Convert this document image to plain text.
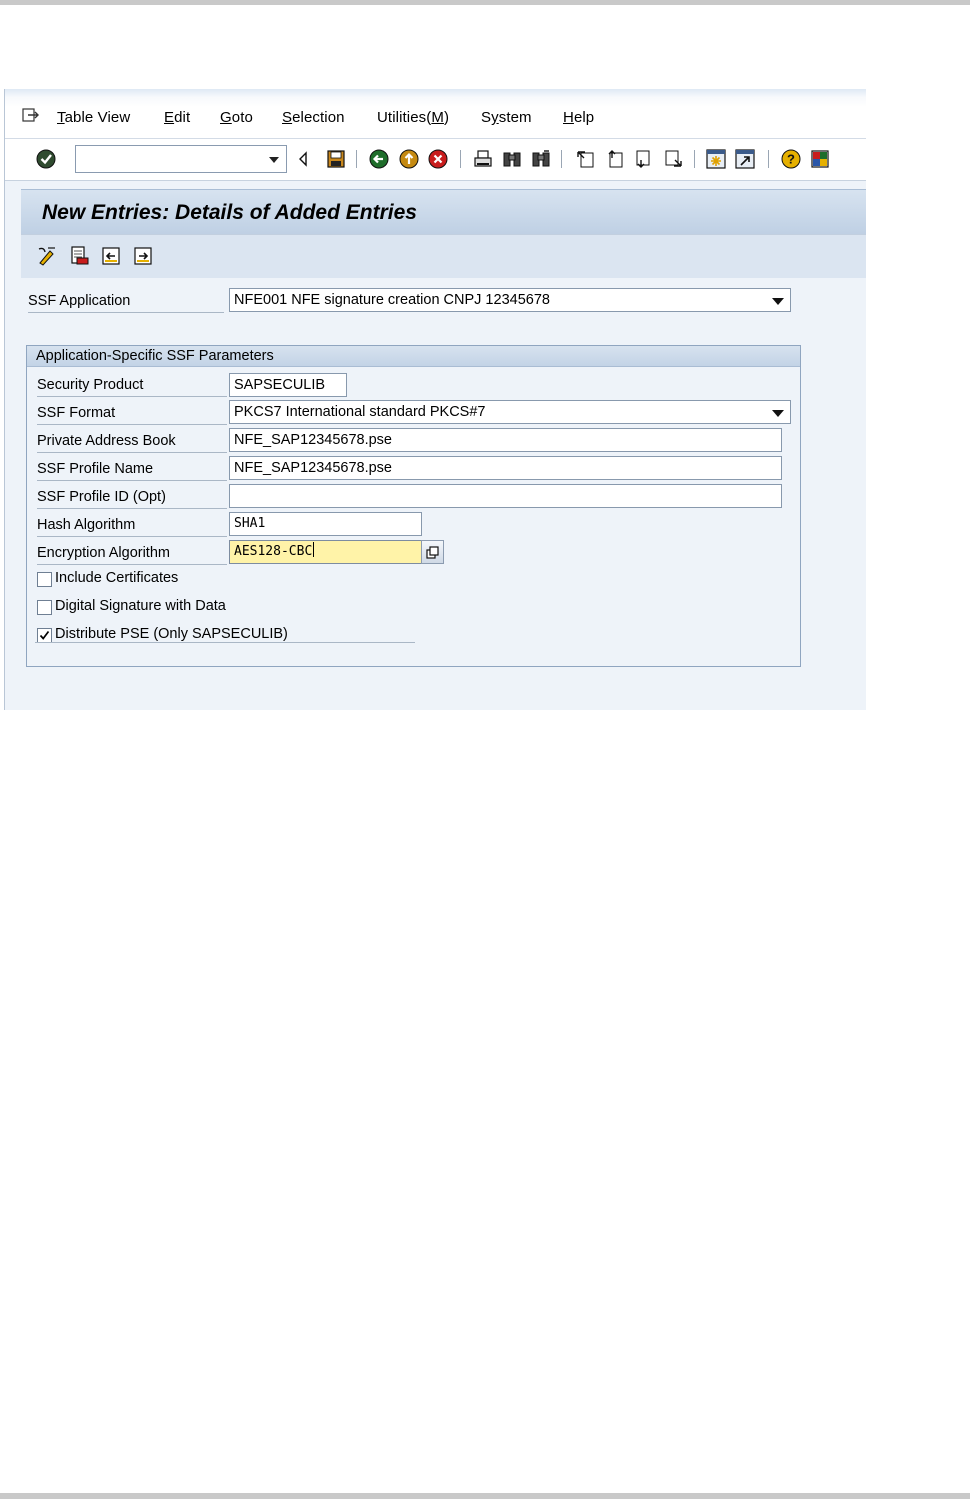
Table View Edit Goto Selection Utilities(M) System Help
?
New Entries: Details of Added Entries
SSF Application	NFE001 NFE signature creation CNPJ 12345678
Application-Specific SSF Parameters
Security Product	SAPSECULIB
SSF Format	PKCS7 International standard PKCS#7
Private Address Book	NFE_SAP12345678.pse
SSF Profile Name	NFE_SAP12345678.pse
SSF Profile ID (Opt)
Hash Algorithm	SHA1
Encryption Algorithm	AES128-CBC
Include Certificates
Digital Signature with Data
Distribute PSE (Only SAPSECULIB)
